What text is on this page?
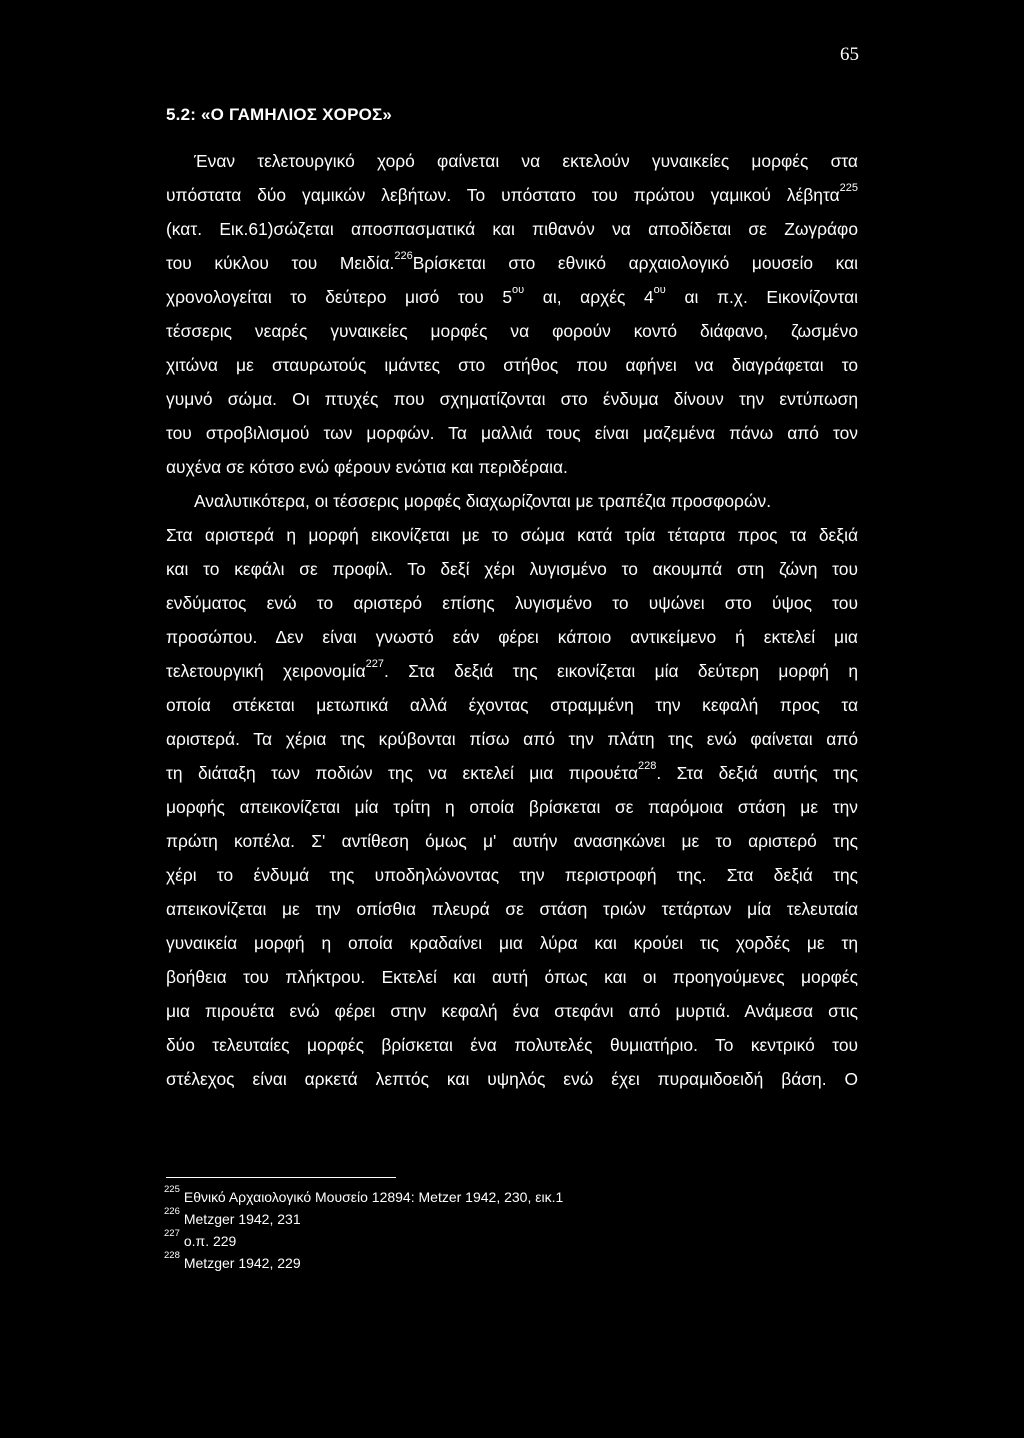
65
5.2: «Ο ΓΑΜΗΛΙΟΣ ΧΟΡΟΣ»
Έναν τελετουργικό χορό φαίνεται να εκτελούν γυναικείες μορφές στα
υπόστατα δύο γαμικών λεβήτων. Το υπόστατο του πρώτου γαμικού λέβητα$^{225}$
(κατ. Εικ.61)σώζεται αποσπασματικά και πιθανόν να αποδίδεται σε Ζωγράφο
του κύκλου του Μειδία.$^{226}$Βρίσκεται στο εθνικό αρχαιολογικό μουσείο και
χρονολογείται το δεύτερο μισό του $5^{o\upsilon}$ αι, αρχές $4^{o\upsilon}$ αι π.χ. Εικονίζονται
τέσσερις νεαρές γυναικείες μορφές να φορούν κοντό διάφανο, ζωσμένο
χιτώνα με σταυρωτούς ιμάντες στο στήθος που αφήνει να διαγράφεται το
γυμνό σώμα. Οι πτυχές που σχηματίζονται στο ένδυμα δίνουν την εντύπωση
του στροβιλισμού των μορφών. Τα μαλλιά τους είναι μαζεμένα πάνω από τον
αυχένα σε κότσο ενώ φέρουν ενώτια και περιδέραια.
Αναλυτικότερα, οι τέσσερις μορφές διαχωρίζονται με τραπέζια προσφορών.
Στα αριστερά η μορφή εικονίζεται με το σώμα κατά τρία τέταρτα προς τα δεξιά
και το κεφάλι σε προφίλ. Το δεξί χέρι λυγισμένο το ακουμπά στη ζώνη του
ενδύματος ενώ το αριστερό επίσης λυγισμένο το υψώνει στο ύψος του
προσώπου. Δεν είναι γνωστό εάν φέρει κάποιο αντικείμενο ή εκτελεί μια
τελετουργική χειρονομία$^{227}$. Στα δεξιά της εικονίζεται μία δεύτερη μορφή η
οποία στέκεται μετωπικά αλλά έχοντας στραμμένη την κεφαλή προς τα
αριστερά. Τα χέρια της κρύβονται πίσω από την πλάτη της ενώ φαίνεται από
τη διάταξη των ποδιών της να εκτελεί μια πιρουέτα$^{228}$. Στα δεξιά αυτής της
μορφής απεικονίζεται μία τρίτη η οποία βρίσκεται σε παρόμοια στάση με την
πρώτη κοπέλα. Σ' αντίθεση όμως μ' αυτήν ανασηκώνει με το αριστερό της
χέρι το ένδυμά της υποδηλώνοντας την περιστροφή της. Στα δεξιά της
απεικονίζεται με την οπίσθια πλευρά σε στάση τριών τετάρτων μία τελευταία
γυναικεία μορφή η οποία κραδαίνει μια λύρα και κρούει τις χορδές με τη
βοήθεια του πλήκτρου. Εκτελεί και αυτή όπως και οι προηγούμενες μορφές
μια πιρουέτα ενώ φέρει στην κεφαλή ένα στεφάνι από μυρτιά. Ανάμεσα στις
δύο τελευταίες μορφές βρίσκεται ένα πολυτελές θυμιατήριο. Το κεντρικό του
στέλεχος είναι αρκετά λεπτός και υψηλός ενώ έχει πυραμιδοειδή βάση. Ο
$^{225}$ Εθνικό Αρχαιολογικό Μουσείο 12894: Metzer 1942, 230, εικ.1
$^{226}$ Metzger 1942, 231
$^{227}$ ο.π. 229
$^{228}$ Metzger 1942, 229
